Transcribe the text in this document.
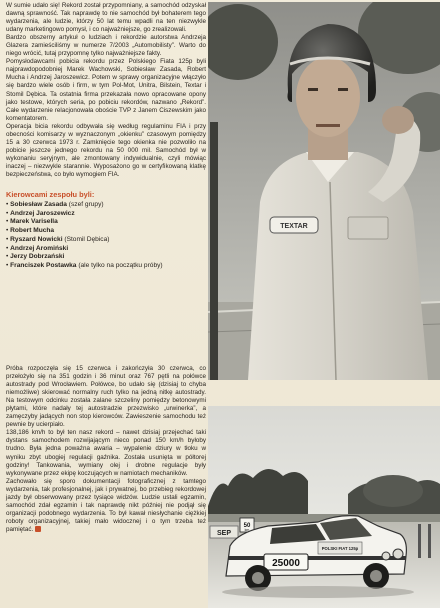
W sumie udało się! Rekord został przypomniany, a samochód odzyskał dawną sprawność. Tak naprawdę to nie samochód był bohaterem tego wydarzenia, ale ludzie, którzy 50 lat temu wpadli na ten niezwykle udany marketingowo pomysł, i co najważniejsze, go zrealizowali.

Bardzo obszerny artykuł o ludziach i rekordzie autorstwa Andrzeja Glazera zamieściliśmy w numerze 7/2003 „Automobilisty”. Warto do niego wrócić, tutaj przypomnę tylko najważniejsze fakty.

Pomysłodawcami pobicia rekordu przez Polskiego Fiata 125p byli najprawdopodobniej Marek Wachowski, Sobiesław Zasada, Robert Mucha i Andrzej Jaroszewicz. Potem w sprawy organizacyjne włączyło się bardzo wiele osób i firm, w tym Pol-Mot, Unitra, Bilstein, Textar i Stomil Dębica. Ta ostatnia firma przekazała nowo opracowane opony jako testowe, których seria, po pobiciu rekordów, nazwano „Rekord”. Całe wydarzenie relacjonowała oboście TVP z Janem Ciszewskim jako komentatorem.

Operacja bicia rekordu odbywała się według regulaminu FIA i przy obecności komisarzy w wyznaczonym „okienku” czasowym pomiędzy 15 a 30 czerwca 1973 r. Zamknięcie tego okienka nie pozwoliło na pobicie jeszcze jednego rekordu na 50 000 mil. Samochód był w wykonaniu seryjnym, ale zmontowany indywidualnie, czyli mówiąc inaczej – niezwykle starannie. Wyposażono go w certyfikowaną klatkę bezpieczeństwa, co było wymogiem FIA.

Kierowcami zespołu byli:
• Sobiesław Zasada (szef grupy)
• Andrzej Jaroszewicz
• Marek Varisella
• Robert Mucha
• Ryszard Nowicki (Stomil Dębica)
• Andrzej Aromiński
• Jerzy Dobrzański
• Franciszek Postawka (ale tylko na początku próby)

Próba rozpoczęła się 15 czerwca i zakończyła 30 czerwca, co przełożyło się na 351 godzin i 36 minut oraz 767 pętli na połówce autostrady pod Wrocławiem. Połówce, bo udało się (dzisiaj to chyba niemożliwe) skierować normalny ruch tylko na jedną nitkę autostrady. Na testowym odcinku została zalane szczeliny pomiędzy betonowymi płytami, które nadały tej autostradzie przezwisko „urwinerka”, a zamęczyby jadących non stop kierowców. Zawieszenie samochodu też pewnie by ucierpiało.

138,186 km/h to był ten nasz rekord – nawet dzisiaj przejechać taki dystans samochodem rozwijającym nieco ponad 150 km/h byłoby trudno. Była jedna poważna awaria – wypalenie dziury w tłoku w wyniku zbyt ubogiej regulacji gaźnika. Została usunięta w półtorej godziny! Tankowania, wymiany olej i drobne regulacje były wykonywane przez ekipę koczujących w namiotach mechaników.

Zachowało się sporo dokumentacji fotograficznej z tamtego wydarzenia, tak profesjonalnej, jak i prywatnej, bo przebieg rekordowej jazdy był obserwowany przez tysiące widzów. Ludzie ustali egzamin, samochód zdał egzamin i tak naprawdę nikt później nie podjął się organizacji podobnego wydarzenia. To był kawał niesłychanie ciężkiej roboty organizacyjnej, takiej mało widocznej i o tym trzeba też pamiętać.

TEXTAR
SEP
50
km
25000
POLSKI FIAT 125p
